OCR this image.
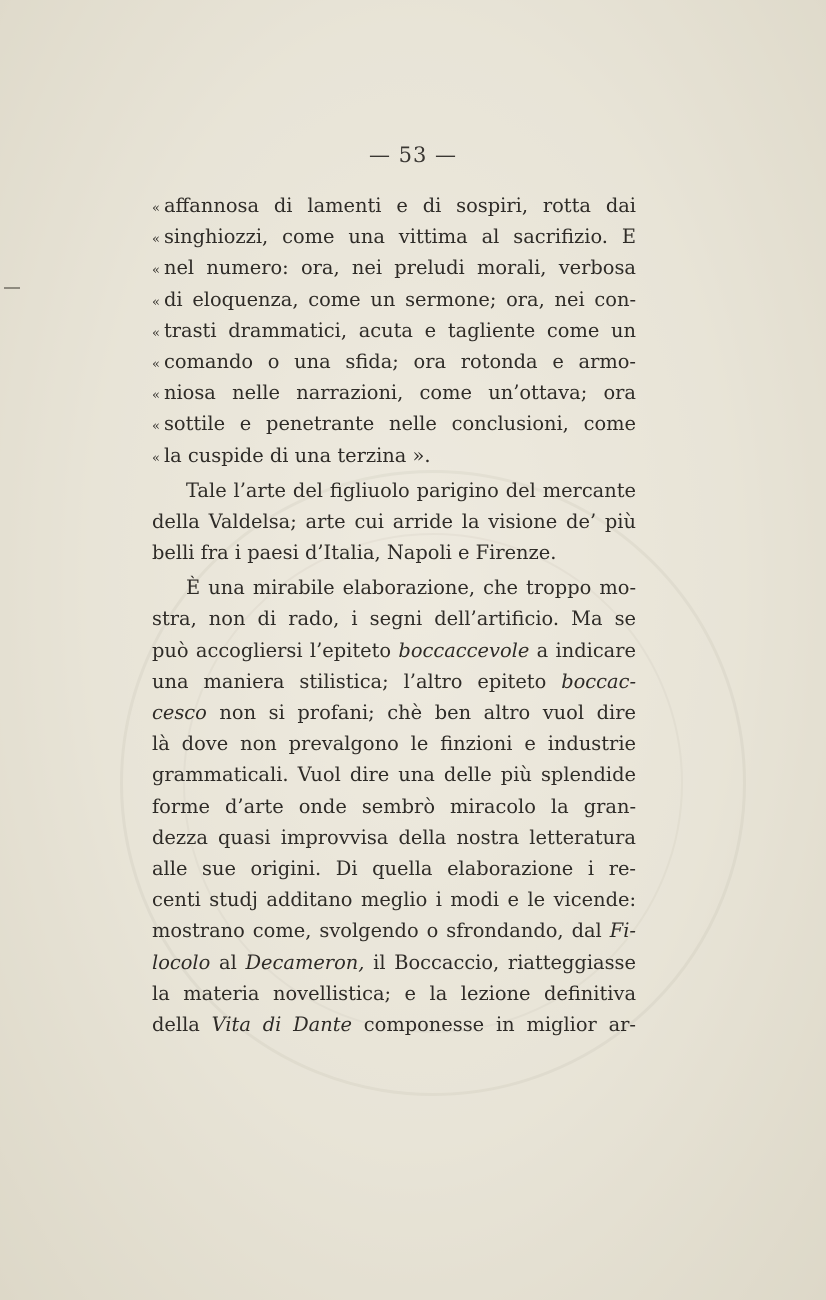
— 53 —
« affannosa di lamenti e di sospiri, rotta dai
« singhiozzi, come una vittima al sacrifizio. E
« nel numero: ora, nei preludi morali, verbosa
« di eloquenza, come un sermone; ora, nei con-
« trasti drammatici, acuta e tagliente come un
« comando o una sfida; ora rotonda e armo-
« niosa nelle narrazioni, come un’ottava; ora
« sottile e penetrante nelle conclusioni, come
« la cuspide di una terzina ».
Tale l’arte del figliuolo parigino del mercante
della Valdelsa; arte cui arride la visione de’ più
belli fra i paesi d’Italia, Napoli e Firenze.
È una mirabile elaborazione, che troppo mo-
stra, non di rado, i segni dell’artificio. Ma se
può accogliersi l’epiteto boccaccevole a indicare
una maniera stilistica; l’altro epiteto boccac-
cesco non si profani; chè ben altro vuol dire
là dove non prevalgono le finzioni e industrie
grammaticali. Vuol dire una delle più splendide
forme d’arte onde sembrò miracolo la gran-
dezza quasi improvvisa della nostra letteratura
alle sue origini. Di quella elaborazione i re-
centi studj additano meglio i modi e le vicende:
mostrano come, svolgendo o sfrondando, dal Fi-
locolo al Decameron, il Boccaccio, riatteggiasse
la materia novellistica; e la lezione definitiva
della Vita di Dante componesse in miglior ar-
